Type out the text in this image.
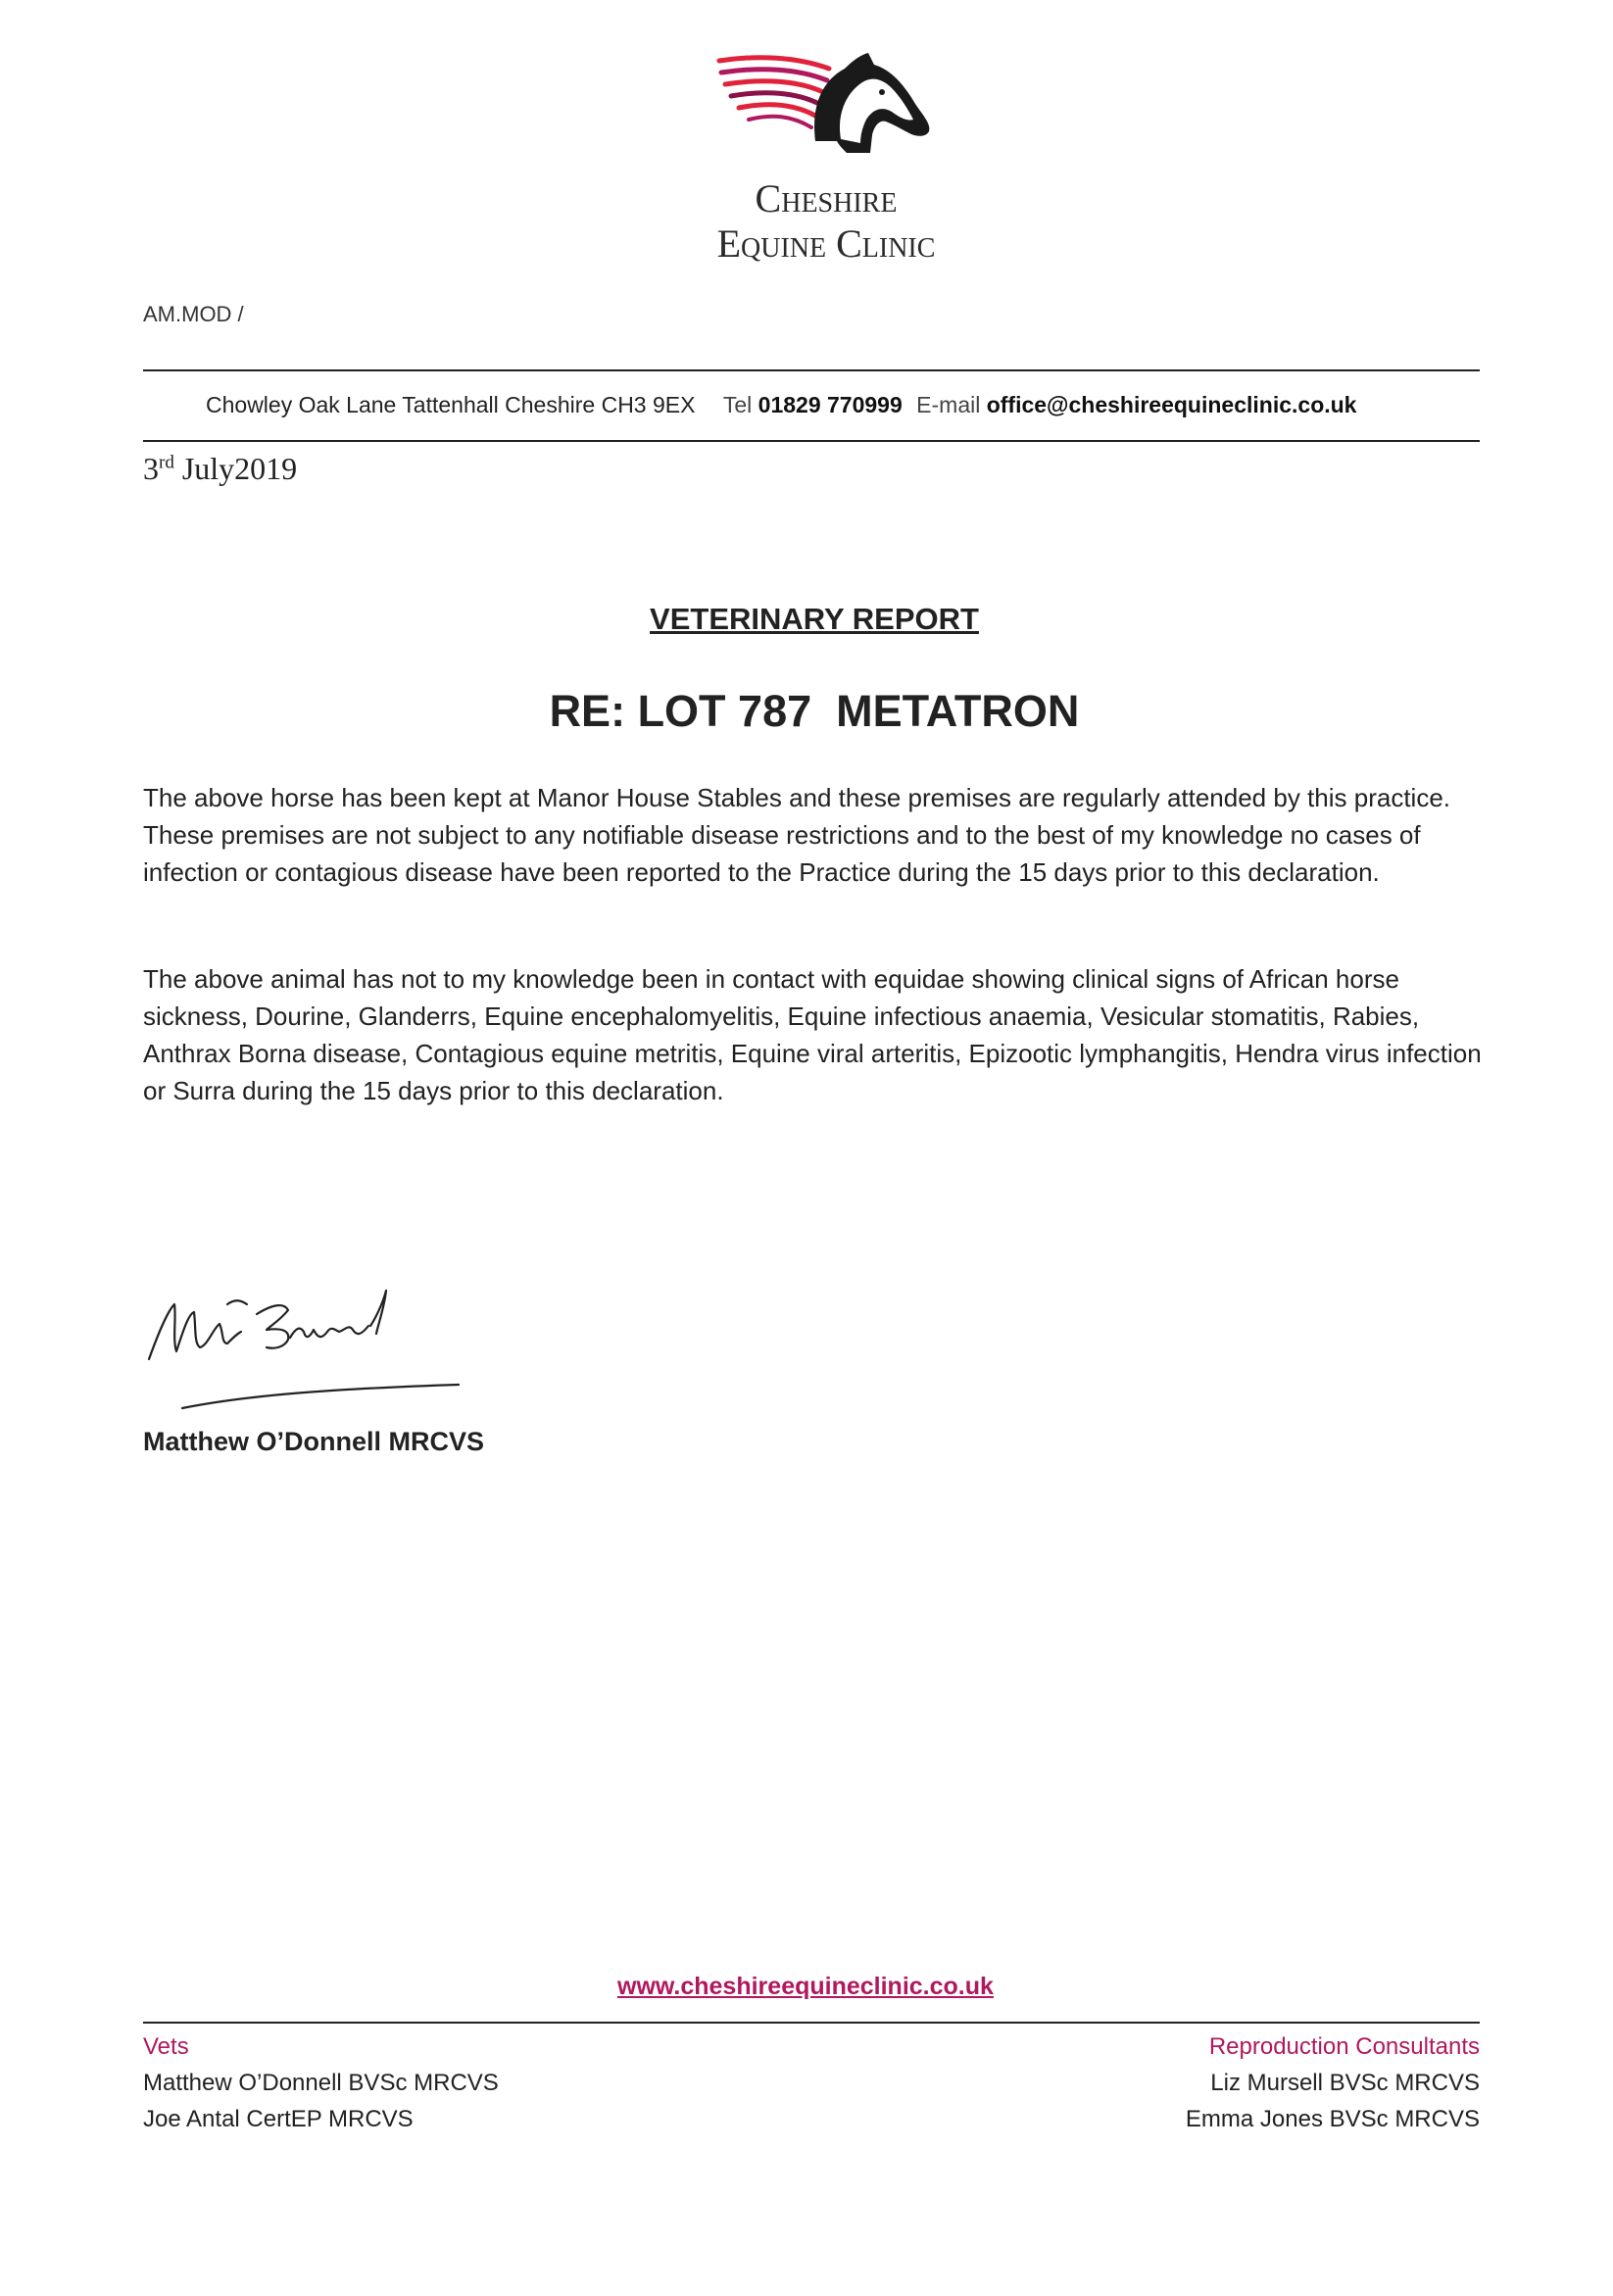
Cheshire
Equine Clinic
AM.MOD /
Chowley Oak Lane Tattenhall Cheshire CH3 9EX Tel 01829 770999 E-mail office@cheshireequineclinic.co.uk
3rd July2019
VETERINARY REPORT
RE: LOT 787  METATRON

The above horse has been kept at Manor House Stables and these premises are regularly attended by this practice. These premises are not subject to any notifiable disease restrictions and to the best of my knowledge no cases of infection or contagious disease have been reported to the Practice during the 15 days prior to this declaration.

The above animal has not to my knowledge been in contact with equidae showing clinical signs of African horse sickness, Dourine, Glanderrs, Equine encephalomyelitis, Equine infectious anaemia, Vesicular stomatitis, Rabies, Anthrax Borna disease, Contagious equine metritis, Equine viral arteritis, Epizootic lymphangitis, Hendra virus infection or Surra during the 15 days prior to this declaration.

Matthew O’Donnell MRCVS
www.cheshireequineclinic.co.uk
Vets
Matthew O’Donnell BVSc MRCVS
Joe Antal CertEP MRCVS
Reproduction Consultants
Liz Mursell BVSc MRCVS
Emma Jones BVSc MRCVS
